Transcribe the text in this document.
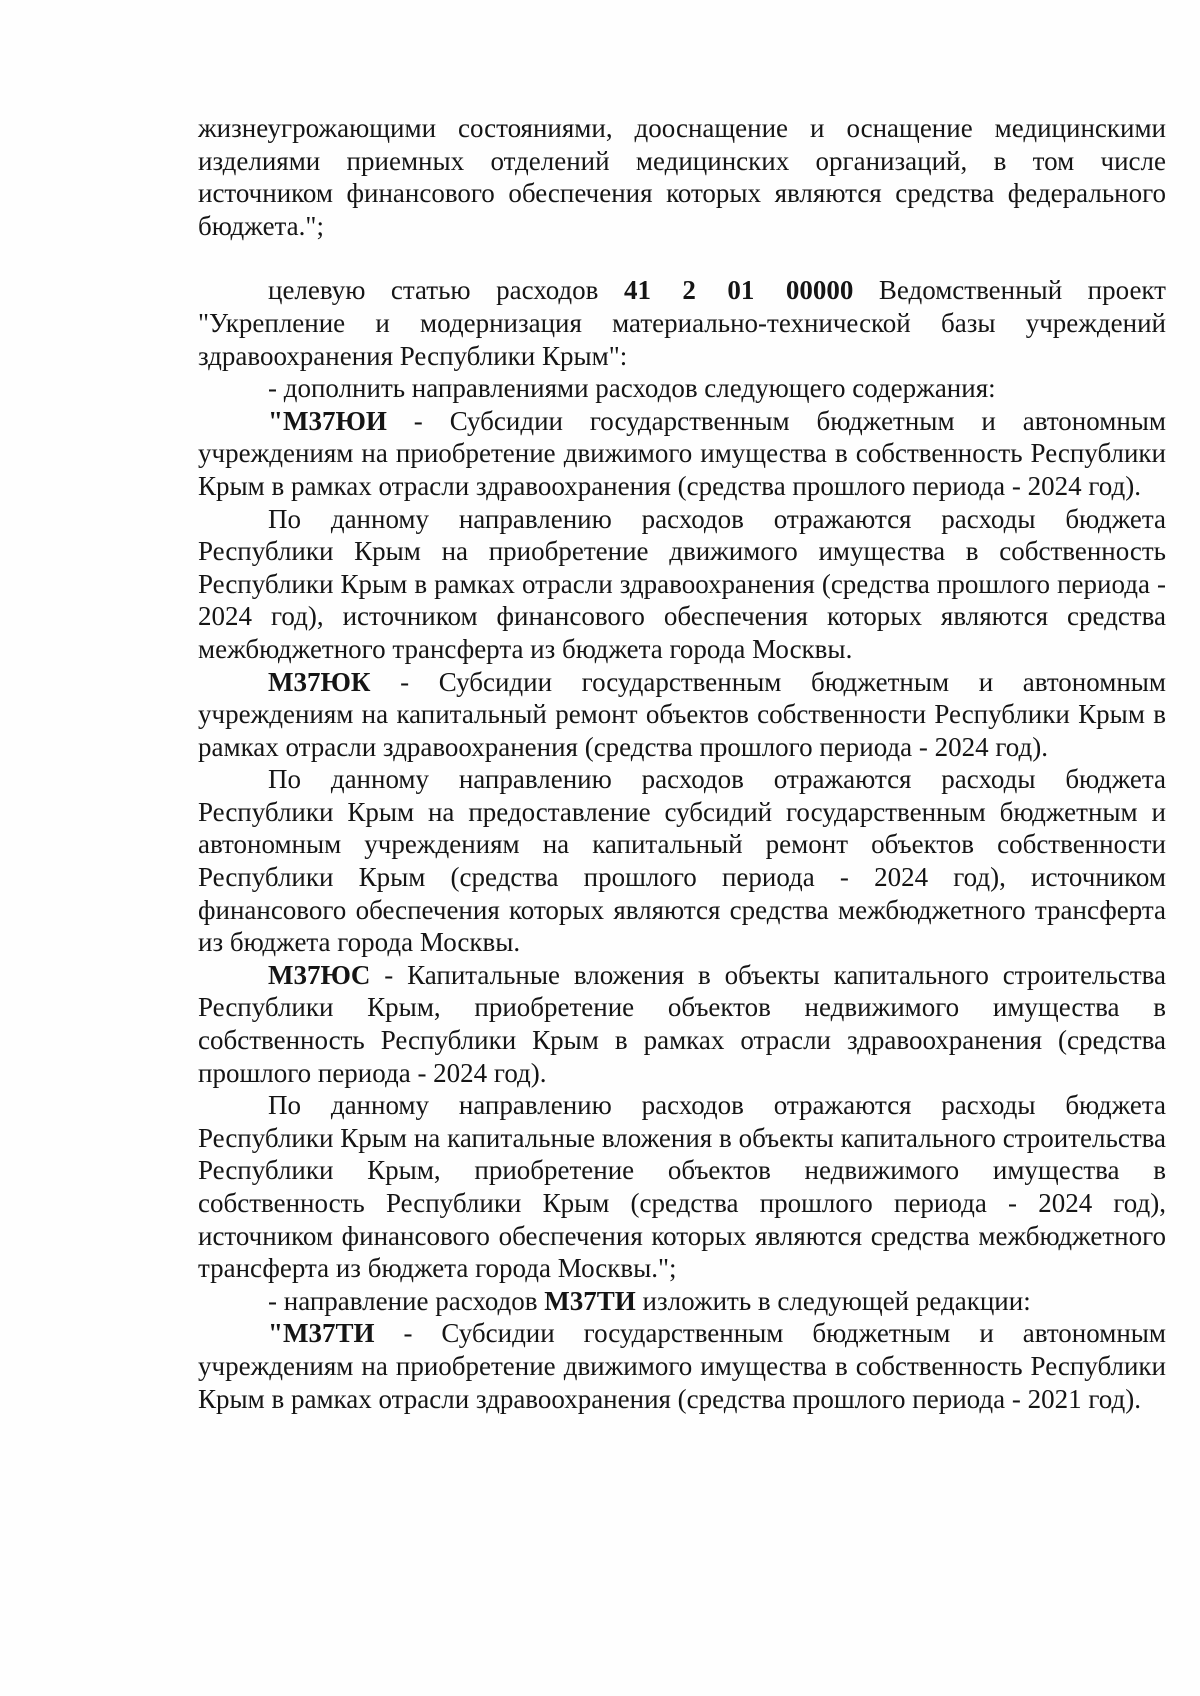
жизнеугрожающими состояниями, дооснащение и оснащение медицинскими изделиями приемных отделений медицинских организаций, в том числе источником финансового обеспечения которых являются средства федерального бюджета.";

целевую статью расходов 41 2 01 00000 Ведомственный проект "Укрепление и модернизация материально-технической базы учреждений здравоохранения Республики Крым":

- дополнить направлениями расходов следующего содержания:

"М37ЮИ - Субсидии государственным бюджетным и автономным учреждениям на приобретение движимого имущества в собственность Республики Крым в рамках отрасли здравоохранения (средства прошлого периода - 2024 год).

По данному направлению расходов отражаются расходы бюджета Республики Крым на приобретение движимого имущества в собственность Республики Крым в рамках отрасли здравоохранения (средства прошлого периода - 2024 год), источником финансового обеспечения которых являются средства межбюджетного трансферта из бюджета города Москвы.

М37ЮК - Субсидии государственным бюджетным и автономным учреждениям на капитальный ремонт объектов собственности Республики Крым в рамках отрасли здравоохранения (средства прошлого периода - 2024 год).

По данному направлению расходов отражаются расходы бюджета Республики Крым на предоставление субсидий государственным бюджетным и автономным учреждениям на капитальный ремонт объектов собственности Республики Крым (средства прошлого периода - 2024 год), источником финансового обеспечения которых являются средства межбюджетного трансферта из бюджета города Москвы.

М37ЮС - Капитальные вложения в объекты капитального строительства Республики Крым, приобретение объектов недвижимого имущества в собственность Республики Крым в рамках отрасли здравоохранения (средства прошлого периода - 2024 год).

По данному направлению расходов отражаются расходы бюджета Республики Крым на капитальные вложения в объекты капитального строительства Республики Крым, приобретение объектов недвижимого имущества в собственность Республики Крым (средства прошлого периода - 2024 год), источником финансового обеспечения которых являются средства межбюджетного трансферта из бюджета города Москвы.";

- направление расходов М37ТИ изложить в следующей редакции:

"М37ТИ - Субсидии государственным бюджетным и автономным учреждениям на приобретение движимого имущества в собственность Республики Крым в рамках отрасли здравоохранения (средства прошлого периода - 2021 год).
